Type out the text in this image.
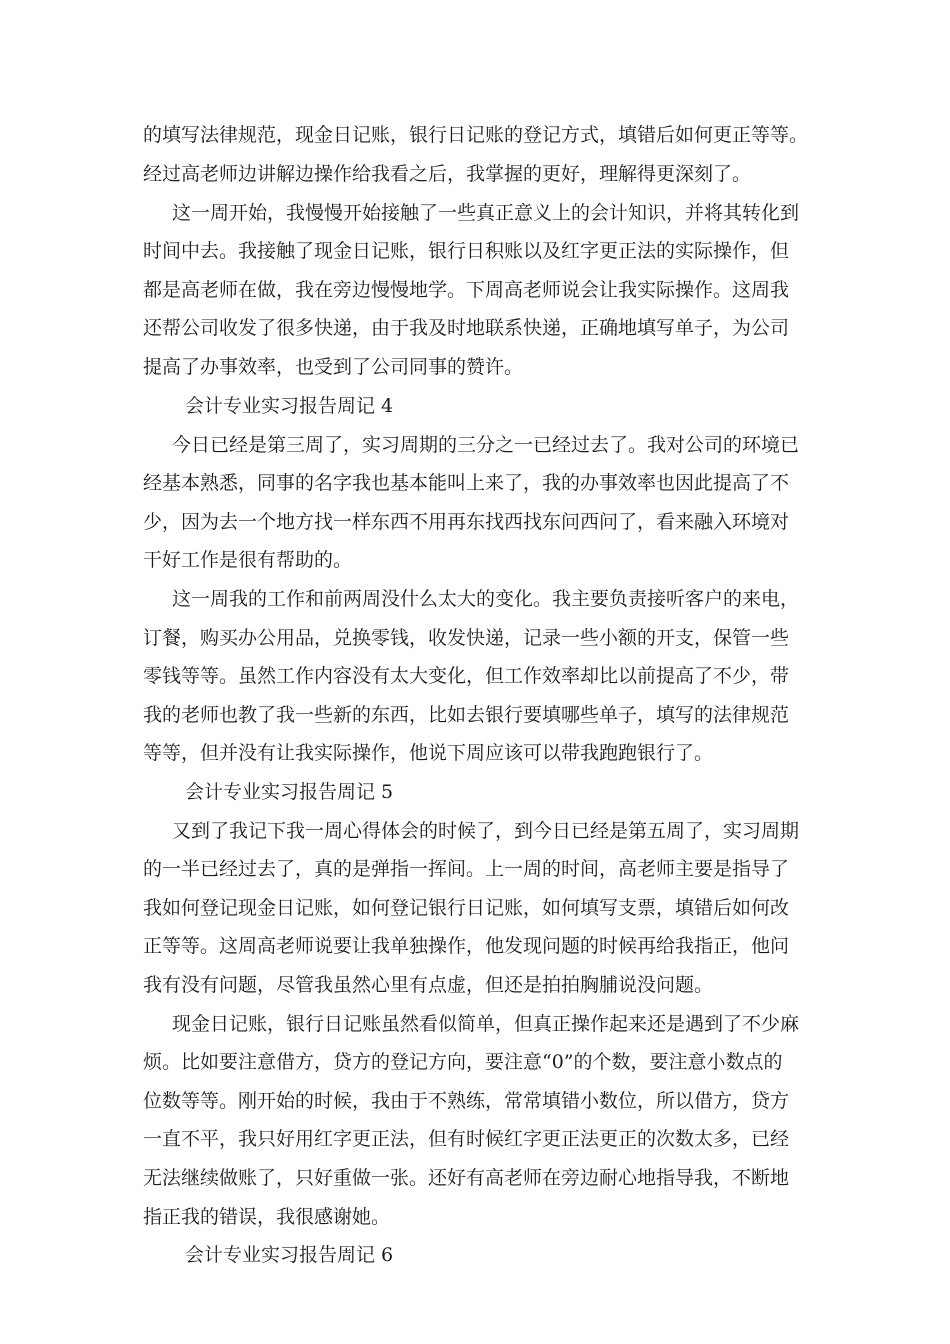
的填写法律规范，现金日记账，银行日记账的登记方式，填错后如何更正等等。

经过高老师边讲解边操作给我看之后，我掌握的更好，理解得更深刻了。

这一周开始，我慢慢开始接触了一些真正意义上的会计知识，并将其转化到

时间中去。我接触了现金日记账，银行日积账以及红字更正法的实际操作，但

都是高老师在做，我在旁边慢慢地学。下周高老师说会让我实际操作。这周我

还帮公司收发了很多快递，由于我及时地联系快递，正确地填写单子，为公司

提高了办事效率，也受到了公司同事的赞许。

会计专业实习报告周记 4

今日已经是第三周了，实习周期的三分之一已经过去了。我对公司的环境已

经基本熟悉，同事的名字我也基本能叫上来了，我的办事效率也因此提高了不

少，因为去一个地方找一样东西不用再东找西找东问西问了，看来融入环境对

干好工作是很有帮助的。

这一周我的工作和前两周没什么太大的变化。我主要负责接听客户的来电，

订餐，购买办公用品，兑换零钱，收发快递，记录一些小额的开支，保管一些

零钱等等。虽然工作内容没有太大变化，但工作效率却比以前提高了不少，带

我的老师也教了我一些新的东西，比如去银行要填哪些单子，填写的法律规范

等等，但并没有让我实际操作，他说下周应该可以带我跑跑银行了。

会计专业实习报告周记 5

又到了我记下我一周心得体会的时候了，到今日已经是第五周了，实习周期

的一半已经过去了，真的是弹指一挥间。上一周的时间，高老师主要是指导了

我如何登记现金日记账，如何登记银行日记账，如何填写支票，填错后如何改

正等等。这周高老师说要让我单独操作，他发现问题的时候再给我指正，他问

我有没有问题，尽管我虽然心里有点虚，但还是拍拍胸脯说没问题。

现金日记账，银行日记账虽然看似简单，但真正操作起来还是遇到了不少麻

烦。比如要注意借方，贷方的登记方向，要注意“0”的个数，要注意小数点的

位数等等。刚开始的时候，我由于不熟练，常常填错小数位，所以借方，贷方

一直不平，我只好用红字更正法，但有时候红字更正法更正的次数太多，已经

无法继续做账了，只好重做一张。还好有高老师在旁边耐心地指导我，不断地

指正我的错误，我很感谢她。

会计专业实习报告周记 6
